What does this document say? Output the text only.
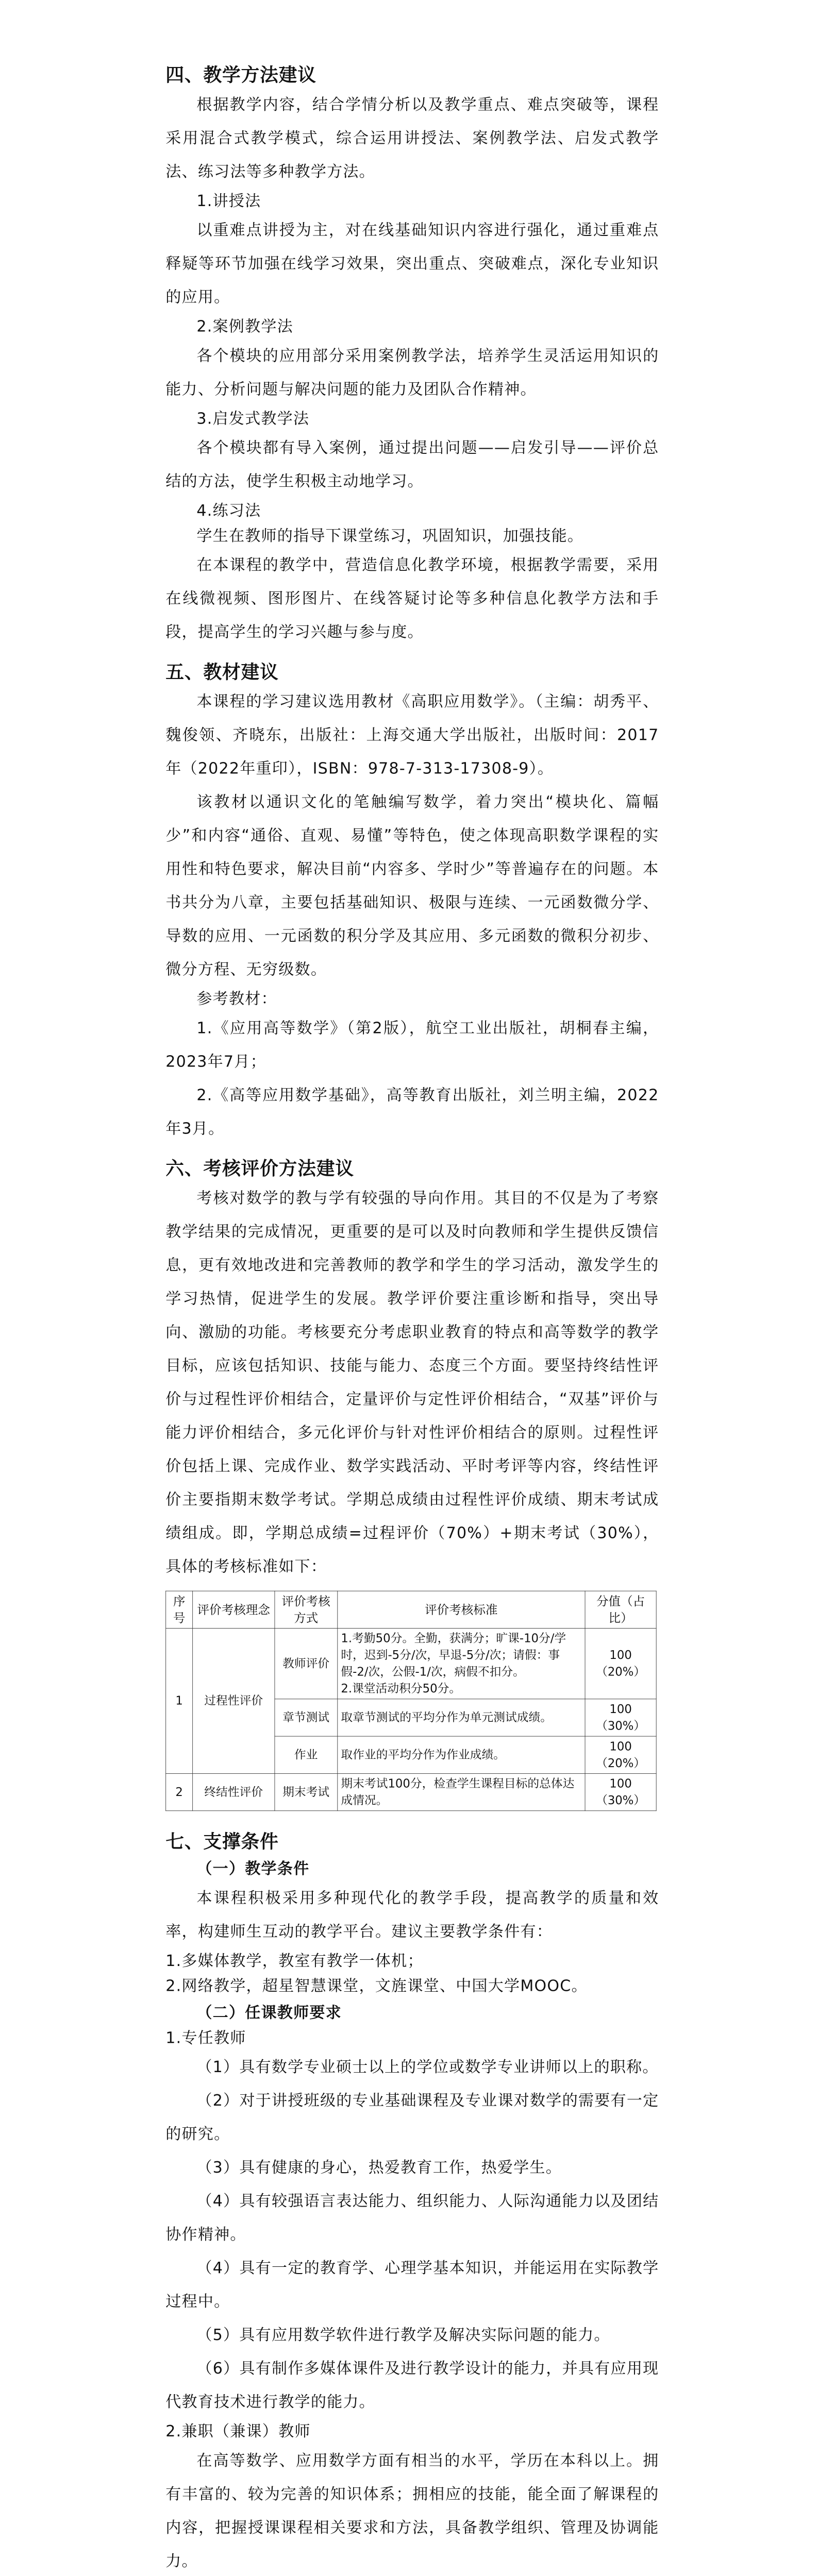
四、教学方法建议
根据教学内容，结合学情分析以及教学重点、难点突破等，课程采用混合式教学模式，综合运用讲授法、案例教学法、启发式教学法、练习法等多种教学方法。
1.讲授法
以重难点讲授为主，对在线基础知识内容进行强化，通过重难点释疑等环节加强在线学习效果，突出重点、突破难点，深化专业知识的应用。
2.案例教学法
各个模块的应用部分采用案例教学法，培养学生灵活运用知识的能力、分析问题与解决问题的能力及团队合作精神。
3.启发式教学法
各个模块都有导入案例，通过提出问题——启发引导——评价总结的方法，使学生积极主动地学习。
4.练习法
学生在教师的指导下课堂练习，巩固知识，加强技能。
在本课程的教学中，营造信息化教学环境，根据教学需要，采用在线微视频、图形图片、在线答疑讨论等多种信息化教学方法和手段，提高学生的学习兴趣与参与度。
五、教材建议
本课程的学习建议选用教材《高职应用数学》。（主编：胡秀平、魏俊领、齐晓东，出版社：上海交通大学出版社，出版时间：2017年（2022年重印），ISBN：978-7-313-17308-9）。
该教材以通识文化的笔触编写数学，着力突出“模块化、篇幅少”和内容“通俗、直观、易懂”等特色，使之体现高职数学课程的实用性和特色要求，解决目前“内容多、学时少”等普遍存在的问题。本书共分为八章，主要包括基础知识、极限与连续、一元函数微分学、导数的应用、一元函数的积分学及其应用、多元函数的微积分初步、微分方程、无穷级数。
参考教材：
1.《应用高等数学》（第2版），航空工业出版社，胡桐春主编，2023年7月；
2.《高等应用数学基础》，高等教育出版社，刘兰明主编，2022年3月。
六、考核评价方法建议
考核对数学的教与学有较强的导向作用。其目的不仅是为了考察教学结果的完成情况，更重要的是可以及时向教师和学生提供反馈信息，更有效地改进和完善教师的教学和学生的学习活动，激发学生的学习热情，促进学生的发展。教学评价要注重诊断和指导，突出导向、激励的功能。考核要充分考虑职业教育的特点和高等数学的教学目标，应该包括知识、技能与能力、态度三个方面。要坚持终结性评价与过程性评价相结合，定量评价与定性评价相结合，“双基”评价与能力评价相结合，多元化评价与针对性评价相结合的原则。过程性评价包括上课、完成作业、数学实践活动、平时考评等内容，终结性评价主要指期末数学考试。学期总成绩由过程性评价成绩、期末考试成绩组成。即，学期总成绩=过程评价（70%）+期末考试（30%），具体的考核标准如下：
序号	评价考核理念	评价考核方式	评价考核标准	分值（占比）
1	过程性评价	教师评价	1.考勤50分。全勤，获满分；旷课-10分/学时，迟到-5分/次，早退-5分/次；请假：事假-2/次，公假-1/次，病假不扣分。
2.课堂活动积分50分。	100（20%）
		章节测试	取章节测试的平均分作为单元测试成绩。	100（30%）
		作业	取作业的平均分作为作业成绩。	100（20%）
2	终结性评价	期末考试	期末考试100分，检查学生课程目标的总体达成情况。	100（30%）
七、支撑条件
（一）教学条件
本课程积极采用多种现代化的教学手段，提高教学的质量和效率，构建师生互动的教学平台。建议主要教学条件有：
1.多媒体教学，教室有教学一体机；
2.网络教学，超星智慧课堂，文旌课堂、中国大学MOOC。
（二）任课教师要求
1.专任教师
（1）具有数学专业硕士以上的学位或数学专业讲师以上的职称。
（2）对于讲授班级的专业基础课程及专业课对数学的需要有一定的研究。
（3）具有健康的身心，热爱教育工作，热爱学生。
（4）具有较强语言表达能力、组织能力、人际沟通能力以及团结协作精神。
（4）具有一定的教育学、心理学基本知识，并能运用在实际教学过程中。
（5）具有应用数学软件进行教学及解决实际问题的能力。
（6）具有制作多媒体课件及进行教学设计的能力，并具有应用现代教育技术进行教学的能力。
2.兼职（兼课）教师
在高等数学、应用数学方面有相当的水平，学历在本科以上。拥有丰富的、较为完善的知识体系；拥相应的技能，能全面了解课程的内容，把握授课课程相关要求和方法，具备教学组织、管理及协调能力。
